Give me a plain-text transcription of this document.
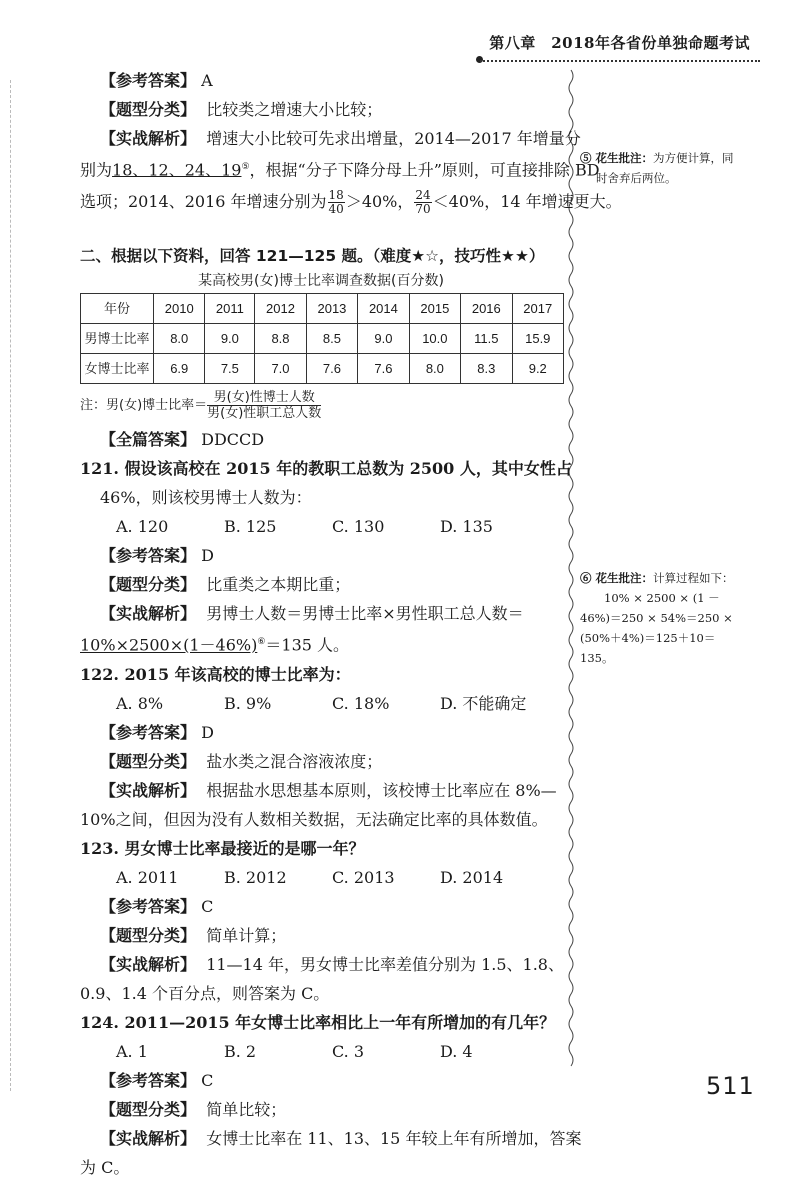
第八章　2018年各省份单独命题考试
【参考答案】 A
【题型分类】 比较类之增速大小比较；
【实战解析】 增速大小比较可先求出增量，2014—2017 年增量分
别为18、12、24、19⑤，根据“分子下降分母上升”原则，可直接排除 BD
选项；2014、2016 年增速分别为 $\frac{18}{40} >40\%$， $\frac{24}{70} <40\%$，14 年增速更大。
二、根据以下资料，回答 121—125 题。（难度★☆，技巧性★★）
某高校男(女)博士比率调查数据(百分数)
年份	2010	2011	2012	2013	2014	2015	2016	2017
男博士比率	8.0	9.0	8.8	8.5	9.0	10.0	11.5	15.9
女博士比率	6.9	7.5	7.0	7.6	7.6	8.0	8.3	9.2
注：男(女)博士比率＝ $\frac{\text{男(女)性博士人数}}{\text{男(女)性职工总人数}}$
【全篇答案】 DDCCD
121. 假设该高校在 2015 年的教职工总数为 2500 人，其中女性占
46%，则该校男博士人数为：
A. 120	B. 125	C. 130	D. 135
【参考答案】 D
【题型分类】 比重类之本期比重；
【实战解析】 男博士人数＝男博士比率×男性职工总人数＝
10%×2500×(1－46%)⑥＝135 人。
122. 2015 年该高校的博士比率为：
A. 8%	B. 9%	C. 18%	D. 不能确定
【参考答案】 D
【题型分类】 盐水类之混合溶液浓度；
【实战解析】 根据盐水思想基本原则，该校博士比率应在 8%—
10%之间，但因为没有人数相关数据，无法确定比率的具体数值。
123. 男女博士比率最接近的是哪一年？
A. 2011	B. 2012	C. 2013	D. 2014
【参考答案】 C
【题型分类】 简单计算；
【实战解析】 11—14 年，男女博士比率差值分别为 1.5、1.8、
0.9、1.4 个百分点，则答案为 C。
124. 2011—2015 年女博士比率相比上一年有所增加的有几年？
A. 1	B. 2	C. 3	D. 4
【参考答案】 C
【题型分类】 简单比较；
【实战解析】 女博士比率在 11、13、15 年较上年有所增加，答案
为 C。
⑤ 花生批注：为方便计算，同
时舍弃后两位。
⑥ 花生批注：计算过程如下：
10% × 2500 × (1 －
46%)＝250 × 54%＝250 ×
(50%＋4%)＝125＋10＝
135。
511
